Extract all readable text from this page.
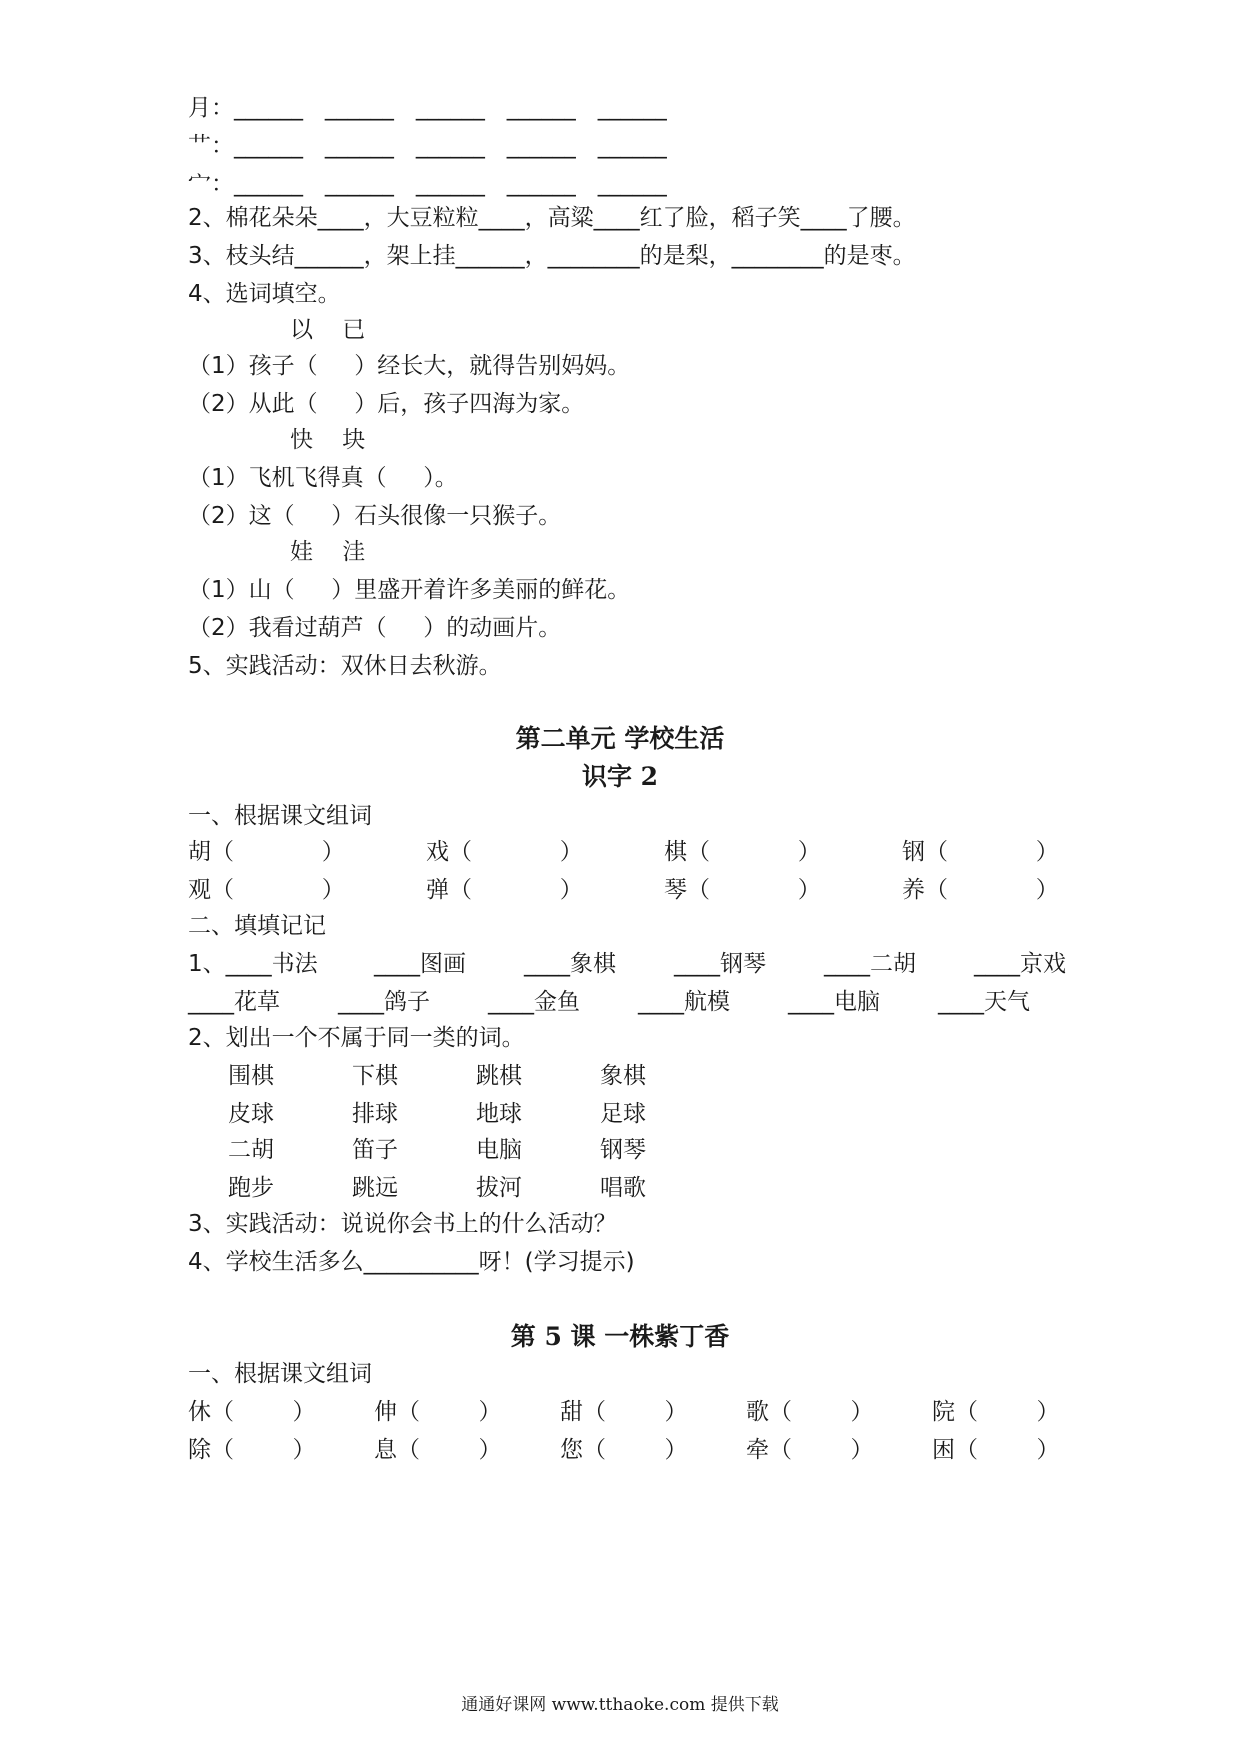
月：______   ______   ______   ______   ______
艹：______   ______   ______   ______   ______
宀：______   ______   ______   ______   ______
2、棉花朵朵____，大豆粒粒____，高粱____红了脸，稻子笑____了腰。
3、枝头结______，架上挂______，________的是梨，________的是枣。
4、选词填空。
以    已
（1）孩子（     ）经长大，就得告别妈妈。
（2）从此（     ）后，孩子四海为家。
快    块
（1）飞机飞得真（     ）。
（2）这（     ）石头很像一只猴子。
娃    洼
（1）山（     ）里盛开着许多美丽的鲜花。
（2）我看过葫芦（     ）的动画片。
5、实践活动：双休日去秋游。
第二单元 学校生活
识字 2
一、根据课文组词
胡（            ）	戏（            ）	棋（            ）	钢（            ）
观（            ）	弹（            ）	琴（            ）	养（            ）
二、填填记记
1、____书法 ____图画	____象棋	____钢琴	____二胡	____京戏
____花草	____鸽子	____金鱼	____航模	____电脑	____天气
2、划出一个不属于同一类的词。
围棋	下棋	跳棋	象棋
皮球	排球	地球	足球
二胡	笛子	电脑	钢琴
跑步	跳远	拔河	唱歌
3、实践活动：说说你会书上的什么活动？
4、学校生活多么__________呀！(学习提示)
第 5 课 一株紫丁香
一、根据课文组词
休（        ）	伸（        ）	甜（        ）	歌（        ）	院（        ）
除（        ）	息（        ）	您（        ）	牵（        ）	困（        ）
通通好课网 www.tthaoke.com 提供下载
